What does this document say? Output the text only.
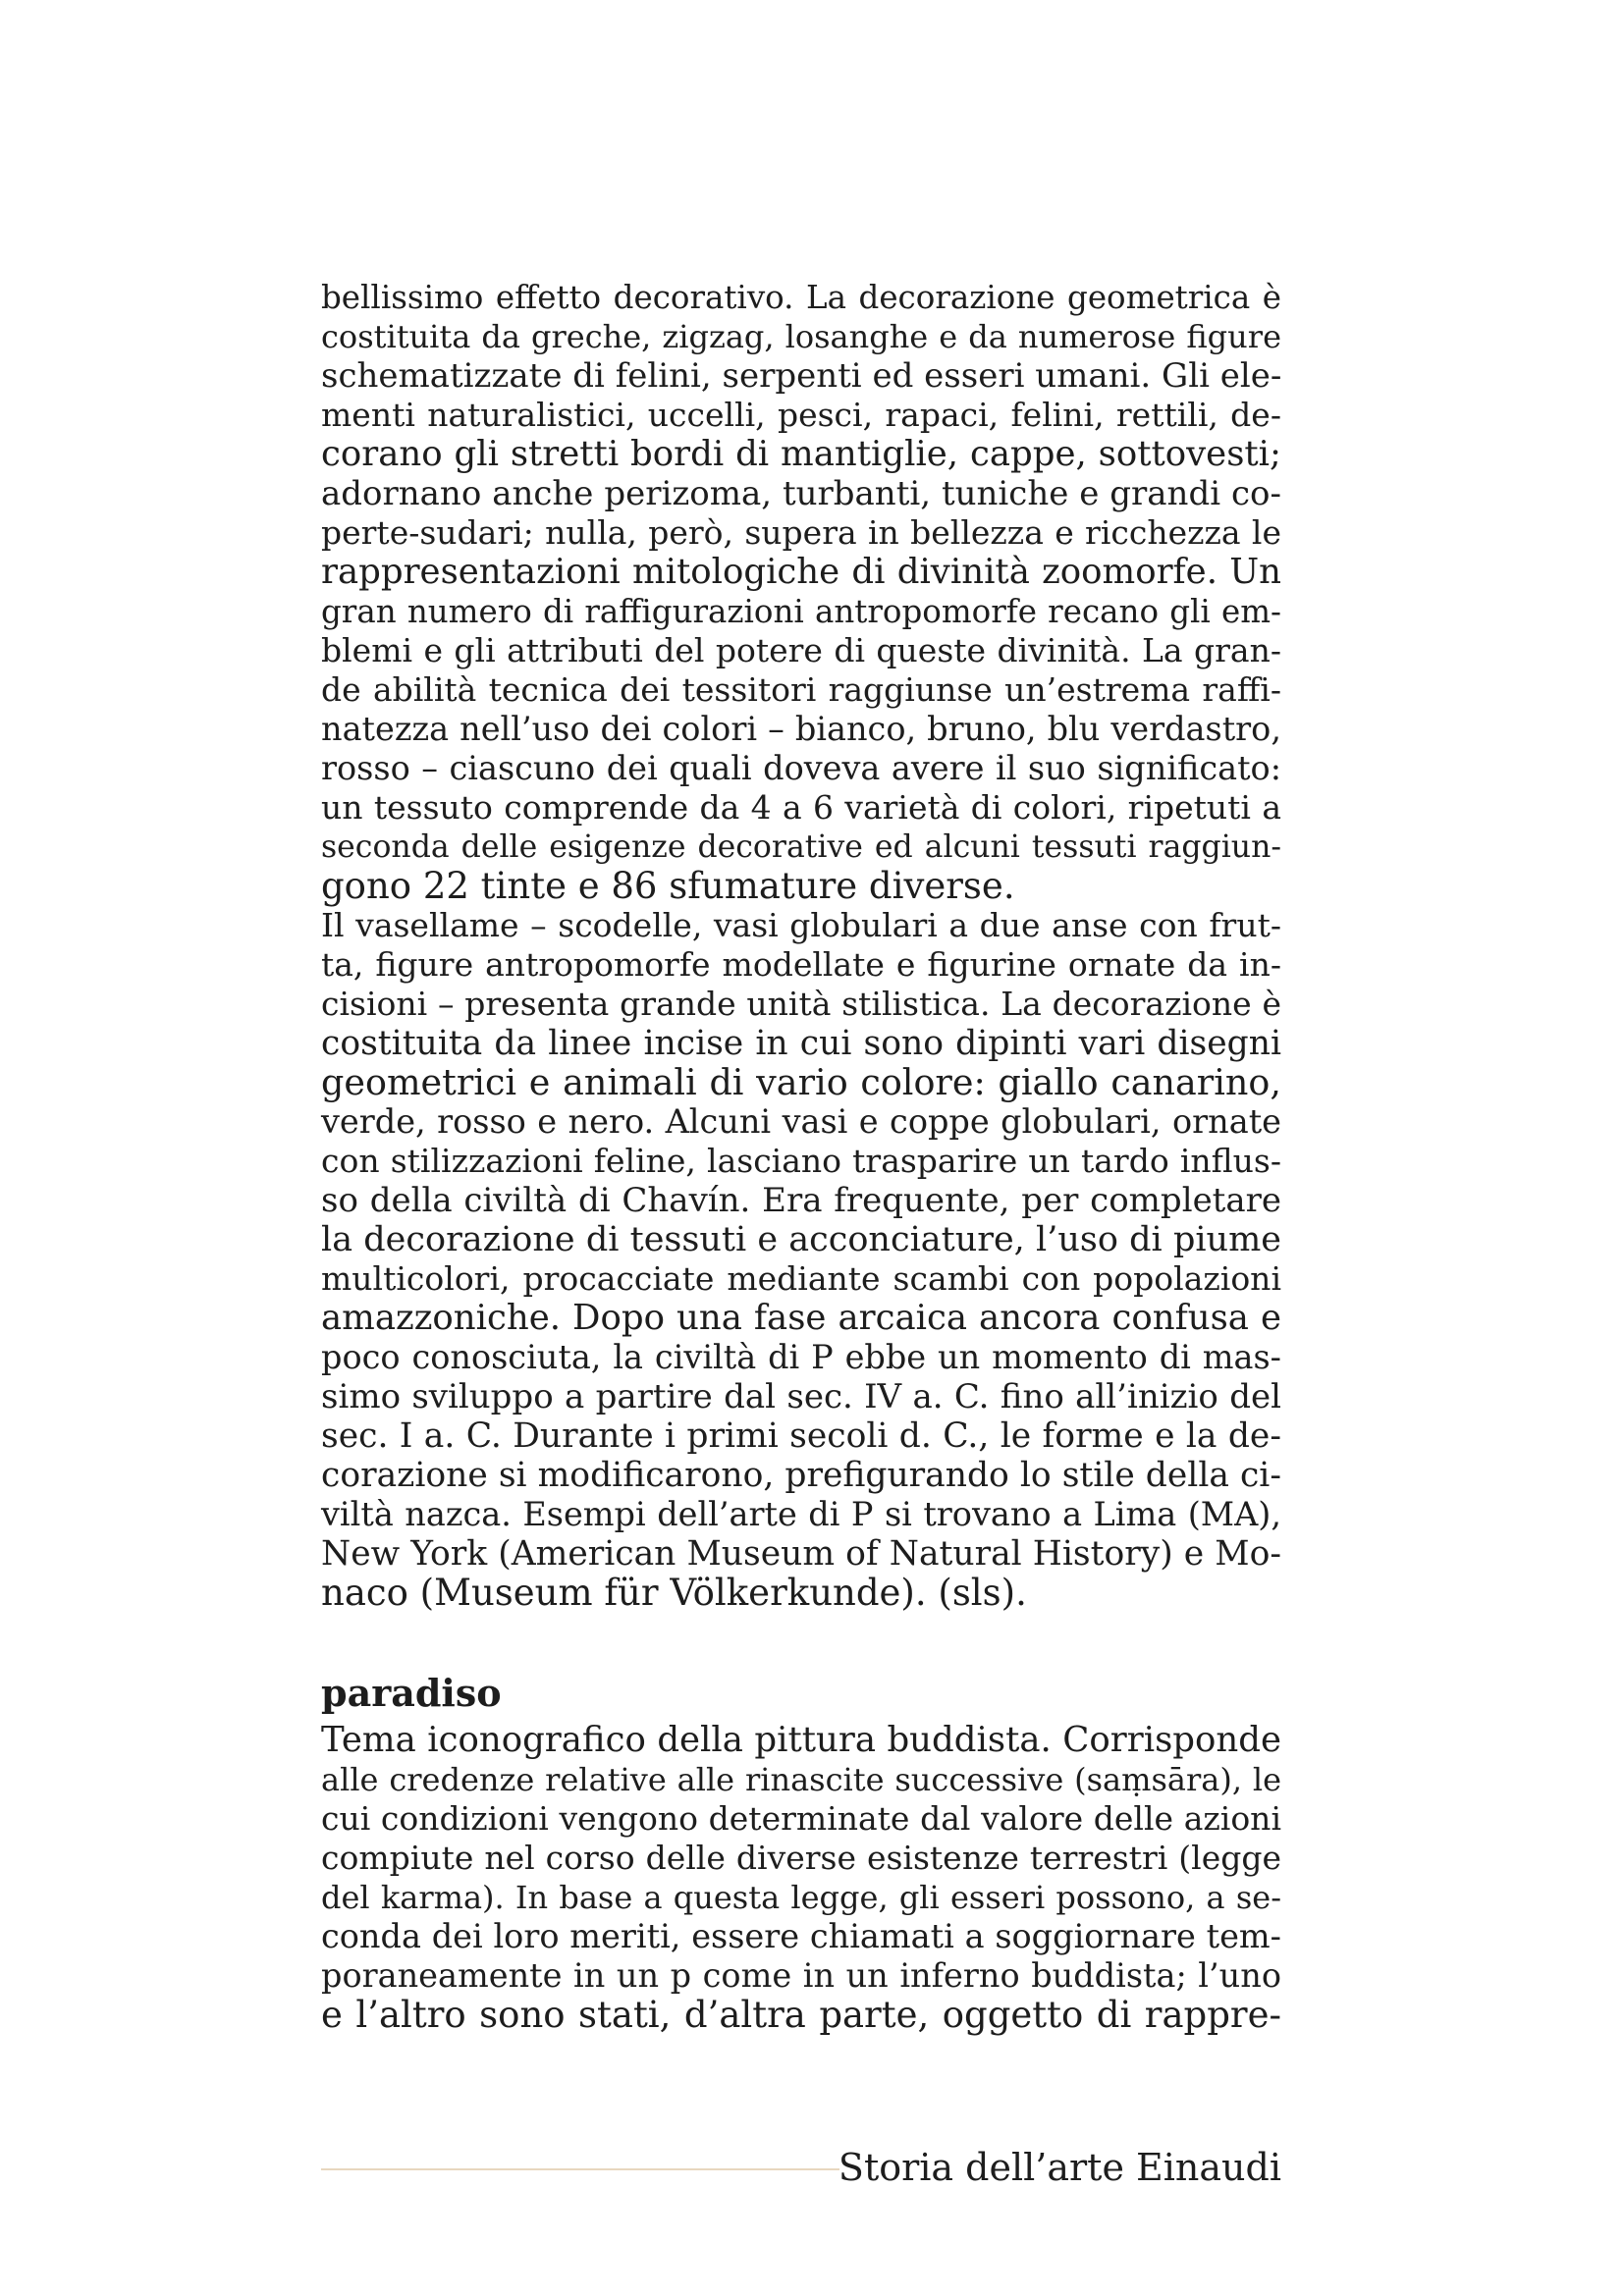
bellissimo effetto decorativo. La decorazione geometrica è
costituita da greche, zigzag, losanghe e da numerose figure
schematizzate di felini, serpenti ed esseri umani. Gli ele-
menti naturalistici, uccelli, pesci, rapaci, felini, rettili, de-
corano gli stretti bordi di mantiglie, cappe, sottovesti;
adornano anche perizoma, turbanti, tuniche e grandi co-
perte-sudari; nulla, però, supera in bellezza e ricchezza le
rappresentazioni mitologiche di divinità zoomorfe. Un
gran numero di raffigurazioni antropomorfe recano gli em-
blemi e gli attributi del potere di queste divinità. La gran-
de abilità tecnica dei tessitori raggiunse un’estrema raffi-
natezza nell’uso dei colori – bianco, bruno, blu verdastro,
rosso – ciascuno dei quali doveva avere il suo significato:
un tessuto comprende da 4 a 6 varietà di colori, ripetuti a
seconda delle esigenze decorative ed alcuni tessuti raggiun-
gono 22 tinte e 86 sfumature diverse.
Il vasellame – scodelle, vasi globulari a due anse con frut-
ta, figure antropomorfe modellate e figurine ornate da in-
cisioni – presenta grande unità stilistica. La decorazione è
costituita da linee incise in cui sono dipinti vari disegni
geometrici e animali di vario colore: giallo canarino,
verde, rosso e nero. Alcuni vasi e coppe globulari, ornate
con stilizzazioni feline, lasciano trasparire un tardo influs-
so della civiltà di Chavín. Era frequente, per completare
la decorazione di tessuti e acconciature, l’uso di piume
multicolori, procacciate mediante scambi con popolazioni
amazzoniche. Dopo una fase arcaica ancora confusa e
poco conosciuta, la civiltà di P ebbe un momento di mas-
simo sviluppo a partire dal sec. IV a. C. fino all’inizio del
sec. I a. C. Durante i primi secoli d. C., le forme e la de-
corazione si modificarono, prefigurando lo stile della ci-
viltà nazca. Esempi dell’arte di P si trovano a Lima (MA),
New York (American Museum of Natural History) e Mo-
naco (Museum für Völkerkunde). (sls).
paradiso
Tema iconografico della pittura buddista. Corrisponde
alle credenze relative alle rinascite successive (saṃsāra), le
cui condizioni vengono determinate dal valore delle azioni
compiute nel corso delle diverse esistenze terrestri (legge
del karma). In base a questa legge, gli esseri possono, a se-
conda dei loro meriti, essere chiamati a soggiornare tem-
poraneamente in un p come in un inferno buddista; l’uno
e l’altro sono stati, d’altra parte, oggetto di rappre-
Storia dell’arte Einaudi
